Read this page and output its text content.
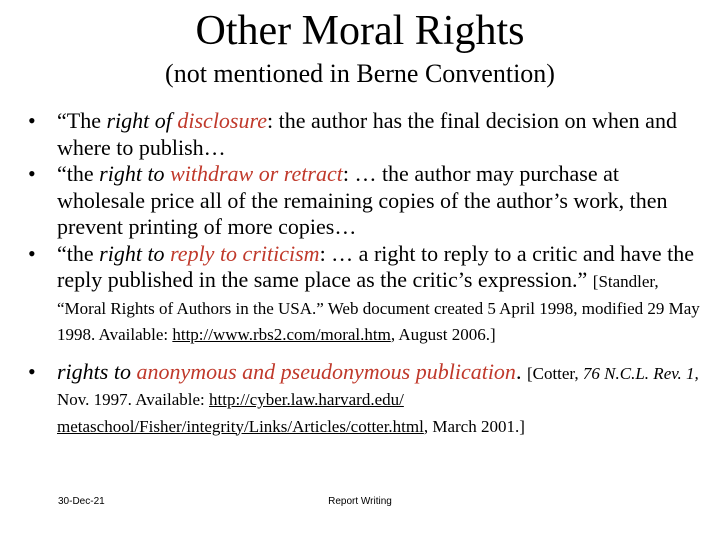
Other Moral Rights
(not mentioned in Berne Convention)
• “The right of disclosure: the author has the final decision on when and where to publish…
• “the right to withdraw or retract: … the author may purchase at wholesale price all of the remaining copies of the author’s work, then prevent printing of more copies…
• “the right to reply to criticism: … a right to reply to a critic and have the reply published in the same place as the critic’s expression.” [Standler, “Moral Rights of Authors in the USA.” Web document created 5 April 1998, modified 29 May 1998. Available: http://www.rbs2.com/moral.htm, August 2006.]
• rights to anonymous and pseudonymous publication. [Cotter, 76 N.C.L. Rev. 1, Nov. 1997. Available: http://cyber.law.harvard.edu/ metaschool/Fisher/integrity/Links/Articles/cotter.html, March 2001.]
30-Dec-21	Report Writing
